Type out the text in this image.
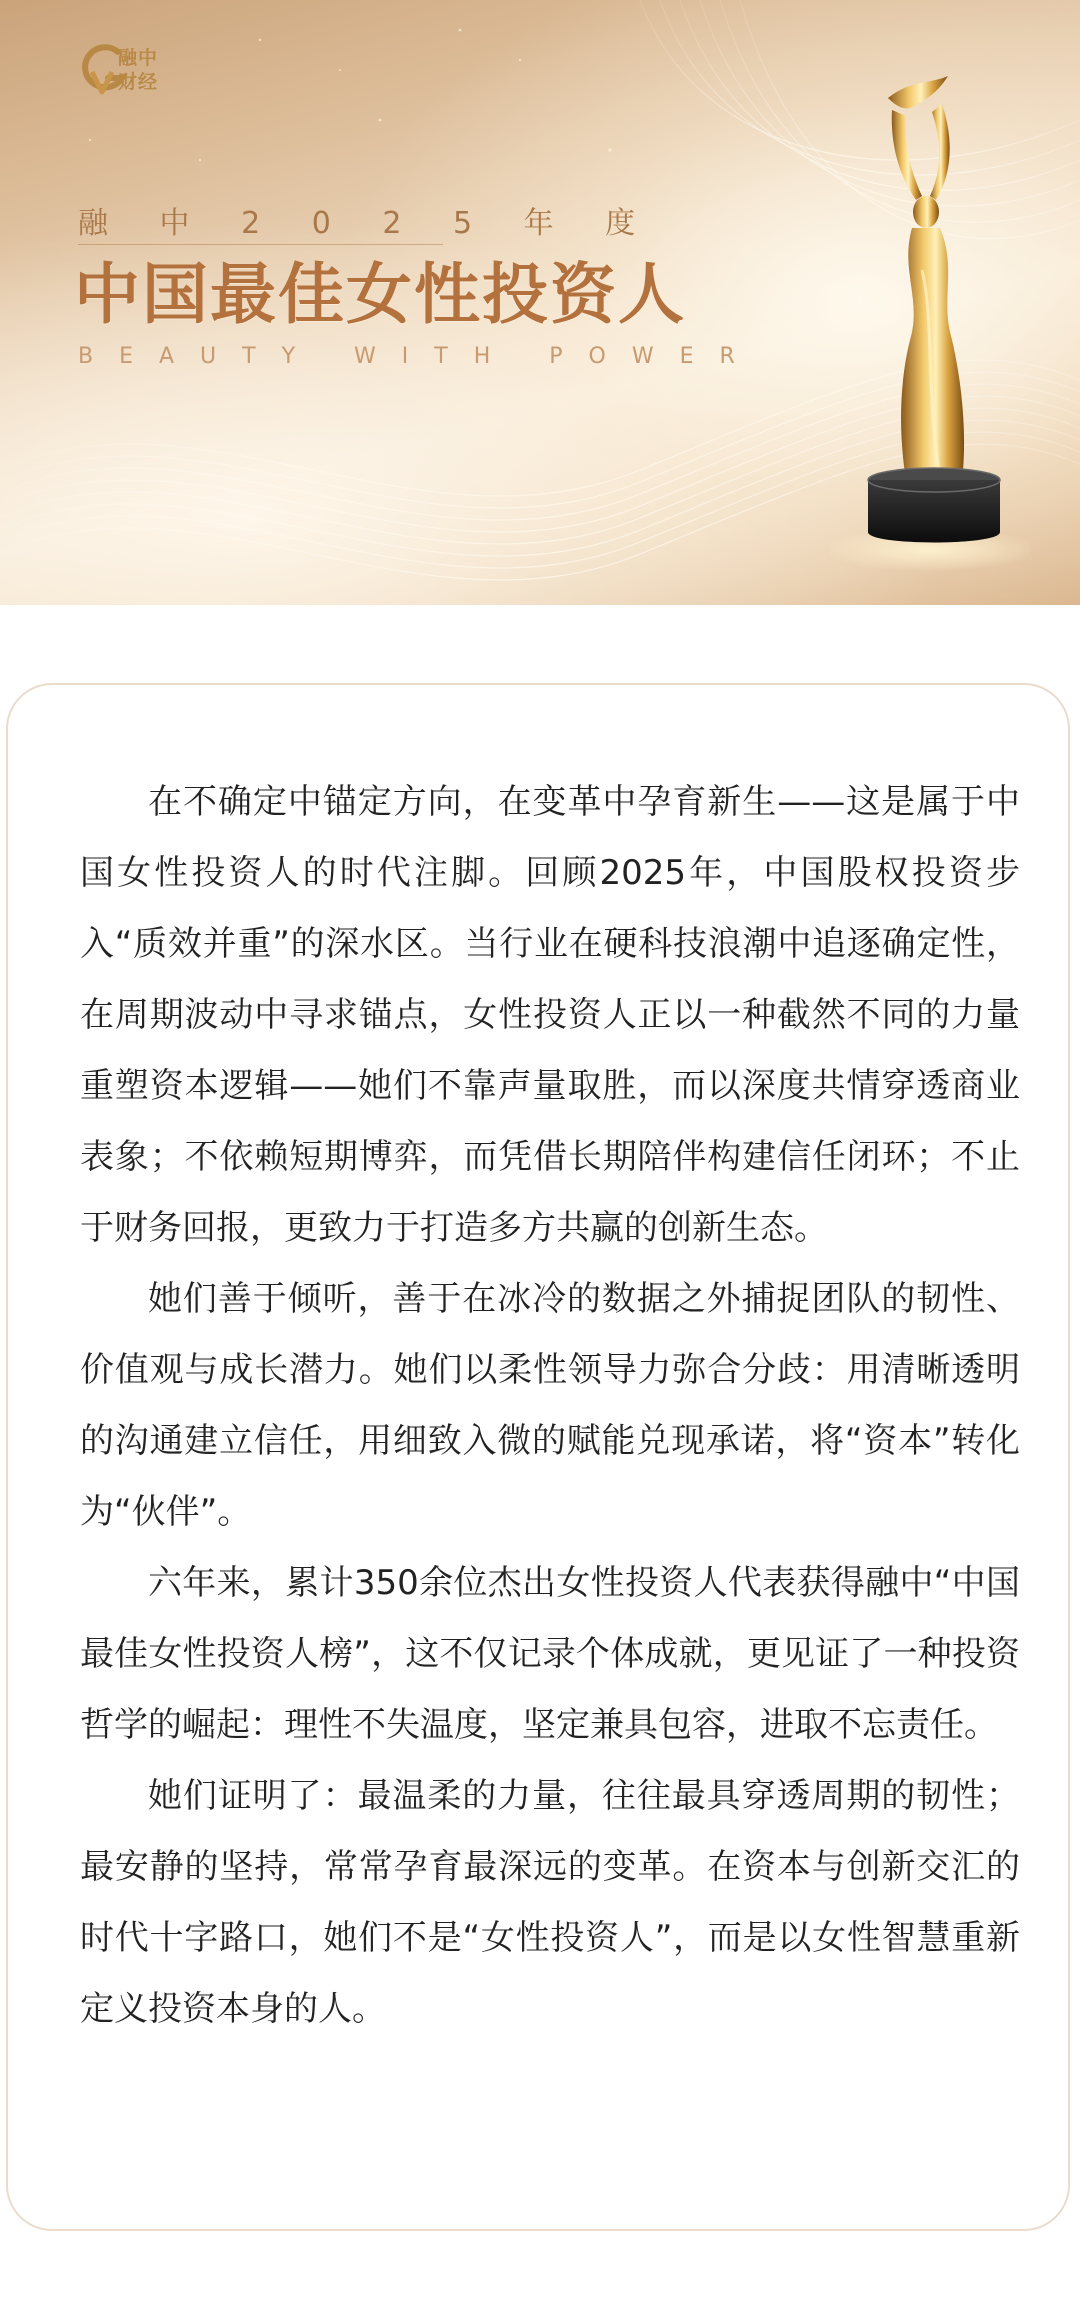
融中
财经
融 中 2 0 2 5 年 度
中国最佳女性投资人
BEAUTY WITH POWER

在不确定中锚定方向，在变革中孕育新生——这是属于中国女性投资人的时代注脚。回顾2025年，中国股权投资步入“质效并重”的深水区。当行业在硬科技浪潮中追逐确定性，在周期波动中寻求锚点，女性投资人正以一种截然不同的力量重塑资本逻辑——她们不靠声量取胜，而以深度共情穿透商业表象；不依赖短期博弈，而凭借长期陪伴构建信任闭环；不止于财务回报，更致力于打造多方共赢的创新生态。

她们善于倾听，善于在冰冷的数据之外捕捉团队的韧性、价值观与成长潜力。她们以柔性领导力弥合分歧：用清晰透明的沟通建立信任，用细致入微的赋能兑现承诺，将“资本”转化为“伙伴”。

六年来，累计350余位杰出女性投资人代表获得融中“中国最佳女性投资人榜”，这不仅记录个体成就，更见证了一种投资哲学的崛起：理性不失温度，坚定兼具包容，进取不忘责任。

她们证明了：最温柔的力量，往往最具穿透周期的韧性；最安静的坚持，常常孕育最深远的变革。在资本与创新交汇的时代十字路口，她们不是“女性投资人”，而是以女性智慧重新定义投资本身的人。
